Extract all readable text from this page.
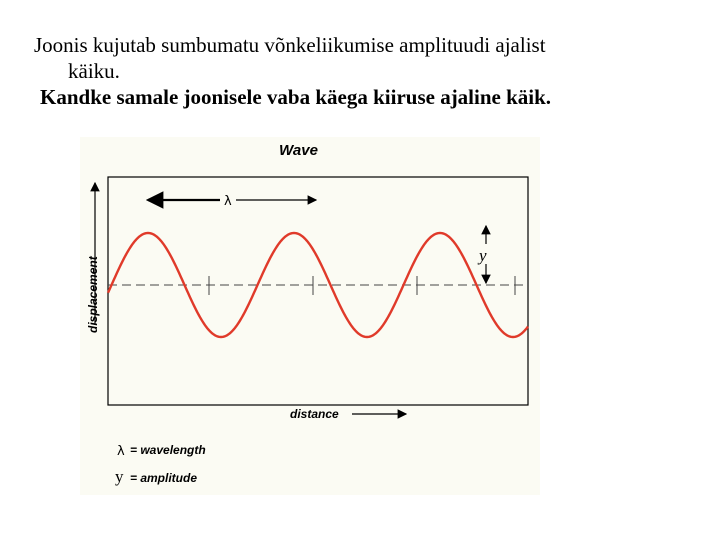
Joonis kujutab sumbumatu võnkeliikumise amplituudi ajalist
käiku.
Kandke samale joonisele vaba käega kiiruse ajaline käik.
Wave
displacement
λ
y
distance
λ = wavelength
y = amplitude
